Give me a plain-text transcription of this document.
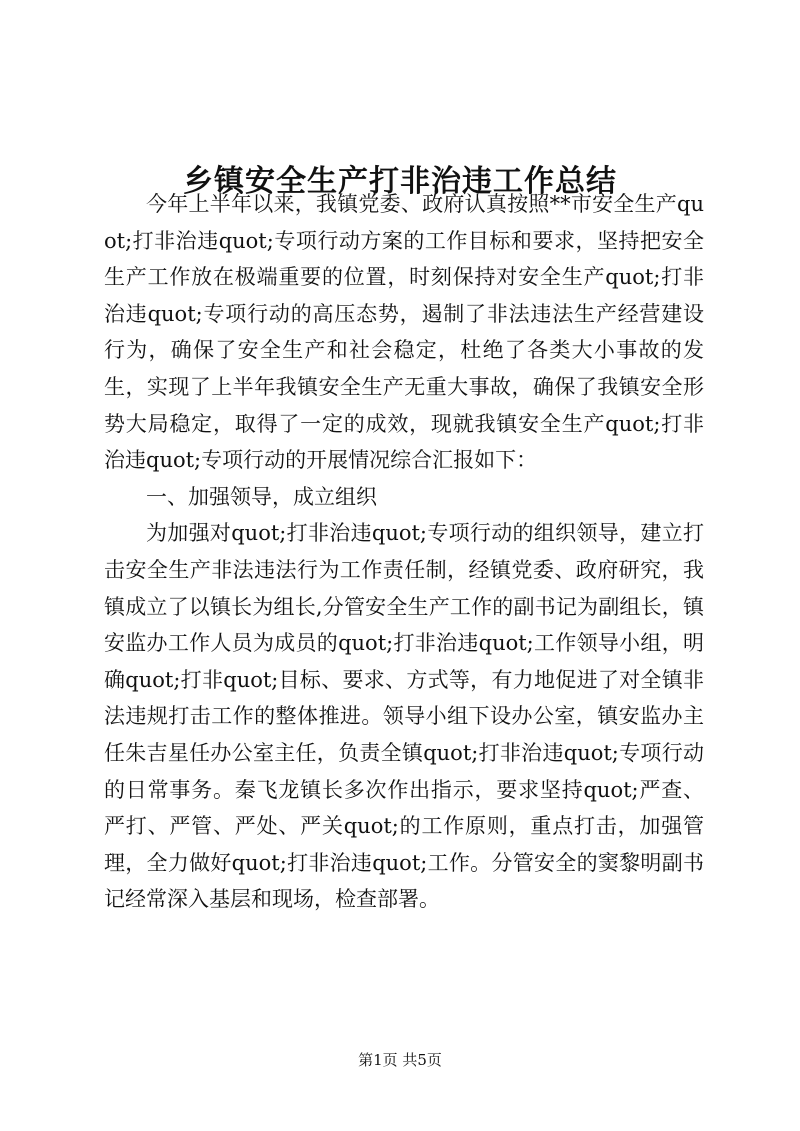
乡镇安全生产打非治违工作总结

今年上半年以来，我镇党委、政府认真按照**市安全生产quot;打非治违quot;专项行动方案的工作目标和要求，坚持把安全生产工作放在极端重要的位置，时刻保持对安全生产quot;打非治违quot;专项行动的高压态势，遏制了非法违法生产经营建设行为，确保了安全生产和社会稳定，杜绝了各类大小事故的发生，实现了上半年我镇安全生产无重大事故，确保了我镇安全形势大局稳定，取得了一定的成效，现就我镇安全生产quot;打非治违quot;专项行动的开展情况综合汇报如下：

一、加强领导，成立组织

为加强对quot;打非治违quot;专项行动的组织领导，建立打击安全生产非法违法行为工作责任制，经镇党委、政府研究，我镇成立了以镇长为组长,分管安全生产工作的副书记为副组长，镇安监办工作人员为成员的quot;打非治违quot;工作领导小组，明确quot;打非quot;目标、要求、方式等，有力地促进了对全镇非法违规打击工作的整体推进。领导小组下设办公室，镇安监办主任朱吉星任办公室主任，负责全镇quot;打非治违quot;专项行动的日常事务。秦飞龙镇长多次作出指示，要求坚持quot;严查、严打、严管、严处、严关quot;的工作原则，重点打击，加强管理，全力做好quot;打非治违quot;工作。分管安全的窦黎明副书记经常深入基层和现场，检查部署。

第1页 共5页
